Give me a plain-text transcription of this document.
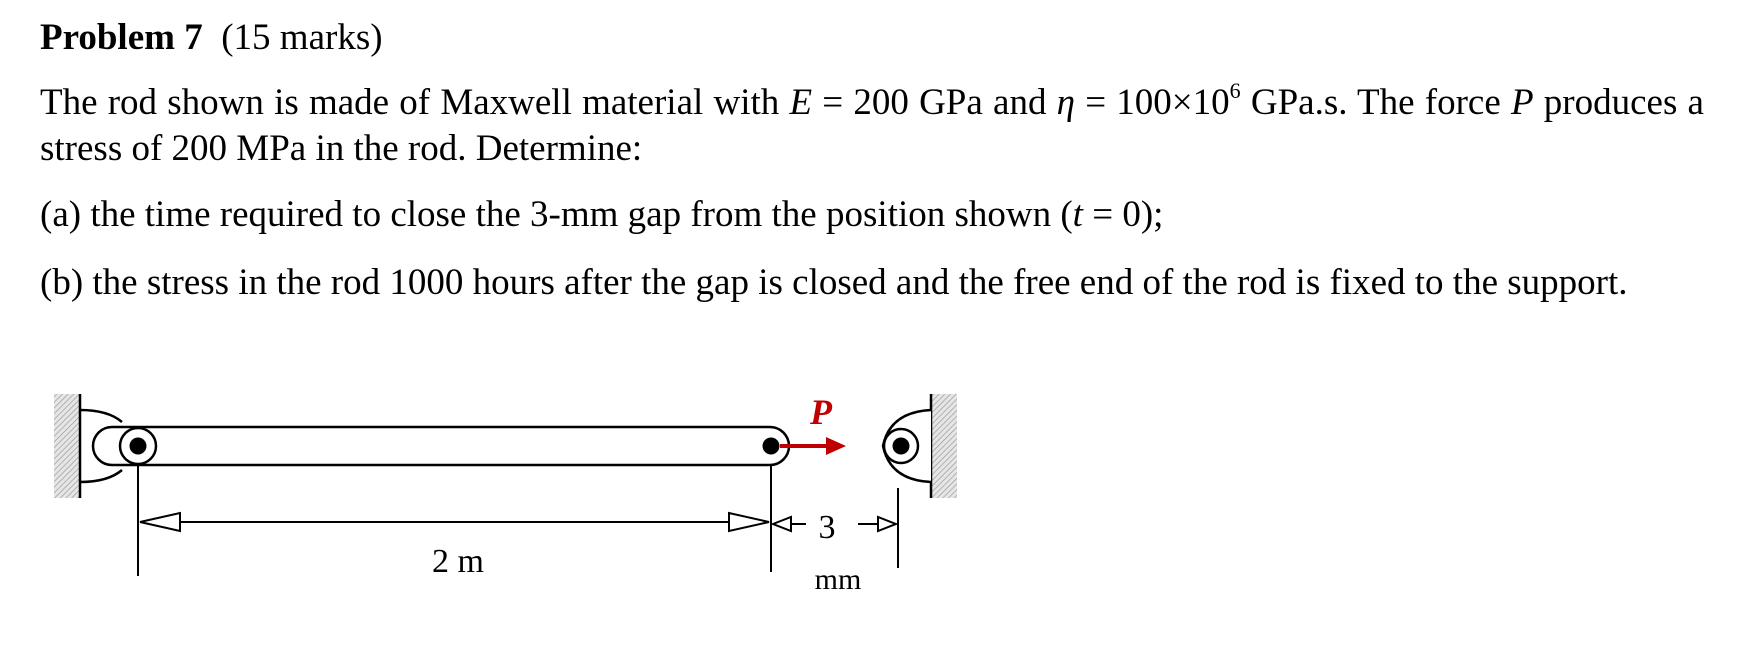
Problem 7 (15 marks)

The rod shown is made of Maxwell material with E = 200 GPa and $\eta = 100\times 10^6$ GPa.s. The force P produces a stress of 200 MPa in the rod. Determine:

(a) the time required to close the 3-mm gap from the position shown (t = 0);

(b) the stress in the rod 1000 hours after the gap is closed and the free end of the rod is fixed to the support.

P
2 m
3
mm
